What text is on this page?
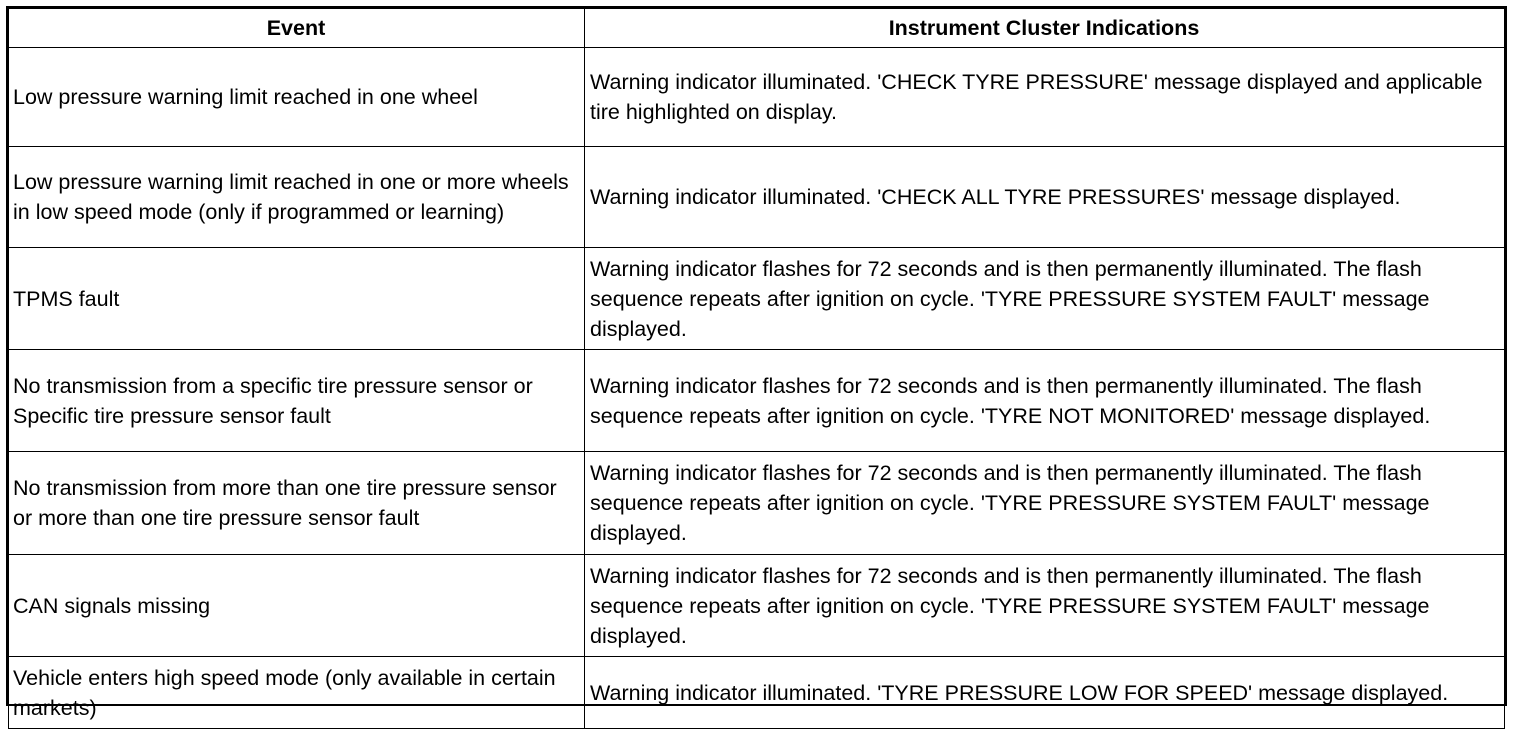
Event	Instrument Cluster Indications
Low pressure warning limit reached in one wheel	Warning indicator illuminated. 'CHECK TYRE PRESSURE' message displayed and applicable tire highlighted on display.
Low pressure warning limit reached in one or more wheels in low speed mode (only if programmed or learning)	Warning indicator illuminated. 'CHECK ALL TYRE PRESSURES' message displayed.
TPMS fault	Warning indicator flashes for 72 seconds and is then permanently illuminated. The flash sequence repeats after ignition on cycle. 'TYRE PRESSURE SYSTEM FAULT' message displayed.
No transmission from a specific tire pressure sensor or Specific tire pressure sensor fault	Warning indicator flashes for 72 seconds and is then permanently illuminated. The flash sequence repeats after ignition on cycle. 'TYRE NOT MONITORED' message displayed.
No transmission from more than one tire pressure sensor or more than one tire pressure sensor fault	Warning indicator flashes for 72 seconds and is then permanently illuminated. The flash sequence repeats after ignition on cycle. 'TYRE PRESSURE SYSTEM FAULT' message displayed.
CAN signals missing	Warning indicator flashes for 72 seconds and is then permanently illuminated. The flash sequence repeats after ignition on cycle. 'TYRE PRESSURE SYSTEM FAULT' message displayed.
Vehicle enters high speed mode (only available in certain markets)	Warning indicator illuminated. 'TYRE PRESSURE LOW FOR SPEED' message displayed.
